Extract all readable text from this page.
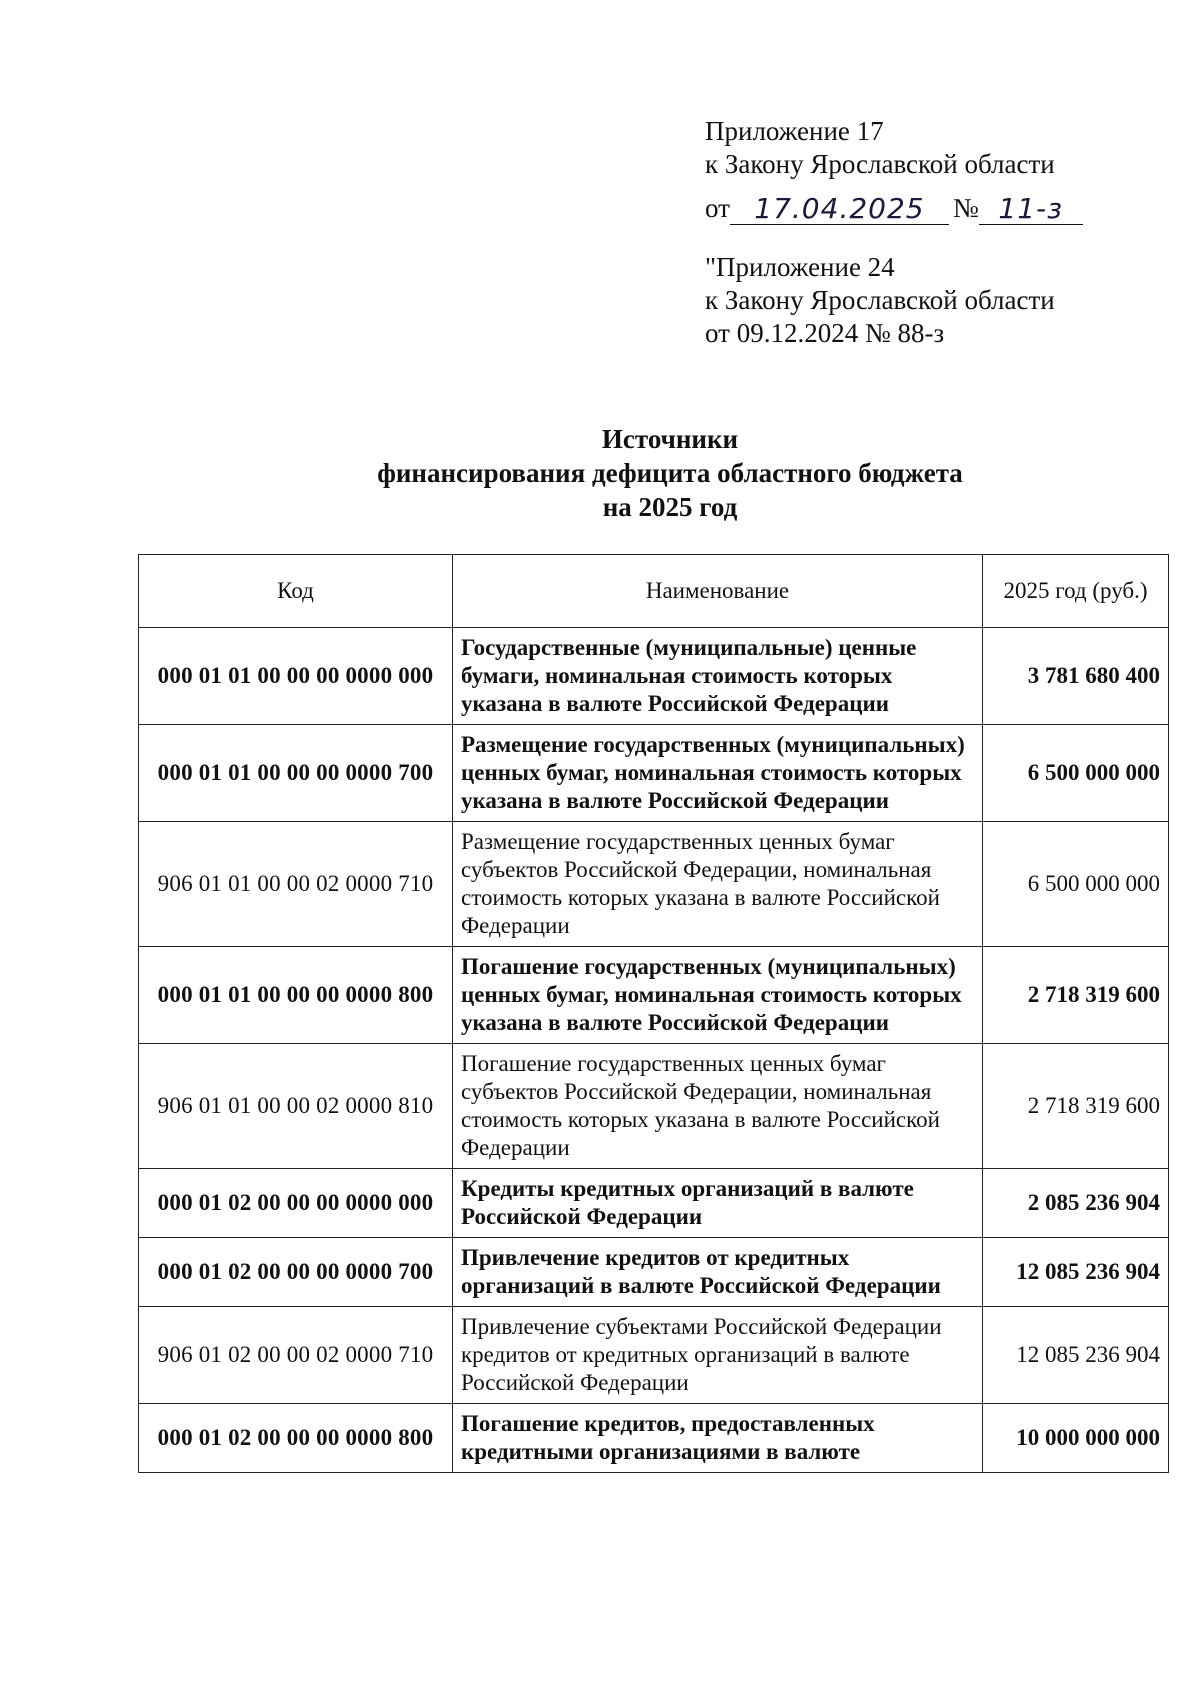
Приложение 17
к Закону Ярославской области
от 17.04.2025	№ 11-з
"Приложение 24
к Закону Ярославской области
от 09.12.2024 № 88-з
Источники
финансирования дефицита областного бюджета
на 2025 год
Код	Наименование	2025 год (руб.)
000 01 01 00 00 00 0000 000	Государственные (муниципальные) ценные бумаги, номинальная стоимость которых указана в валюте Российской Федерации	3 781 680 400
000 01 01 00 00 00 0000 700	Размещение государственных (муниципальных) ценных бумаг, номинальная стоимость которых указана в валюте Российской Федерации	6 500 000 000
906 01 01 00 00 02 0000 710	Размещение государственных ценных бумаг субъектов Российской Федерации, номинальная стоимость которых указана в валюте Российской Федерации	6 500 000 000
000 01 01 00 00 00 0000 800	Погашение государственных (муниципальных) ценных бумаг, номинальная стоимость которых указана в валюте Российской Федерации	2 718 319 600
906 01 01 00 00 02 0000 810	Погашение государственных ценных бумаг субъектов Российской Федерации, номинальная стоимость которых указана в валюте Российской Федерации	2 718 319 600
000 01 02 00 00 00 0000 000	Кредиты кредитных организаций в валюте Российской Федерации	2 085 236 904
000 01 02 00 00 00 0000 700	Привлечение кредитов от кредитных организаций в валюте Российской Федерации	12 085 236 904
906 01 02 00 00 02 0000 710	Привлечение субъектами Российской Федерации кредитов от кредитных организаций в валюте Российской Федерации	12 085 236 904
000 01 02 00 00 00 0000 800	Погашение кредитов, предоставленных кредитными организациями в валюте	10 000 000 000
